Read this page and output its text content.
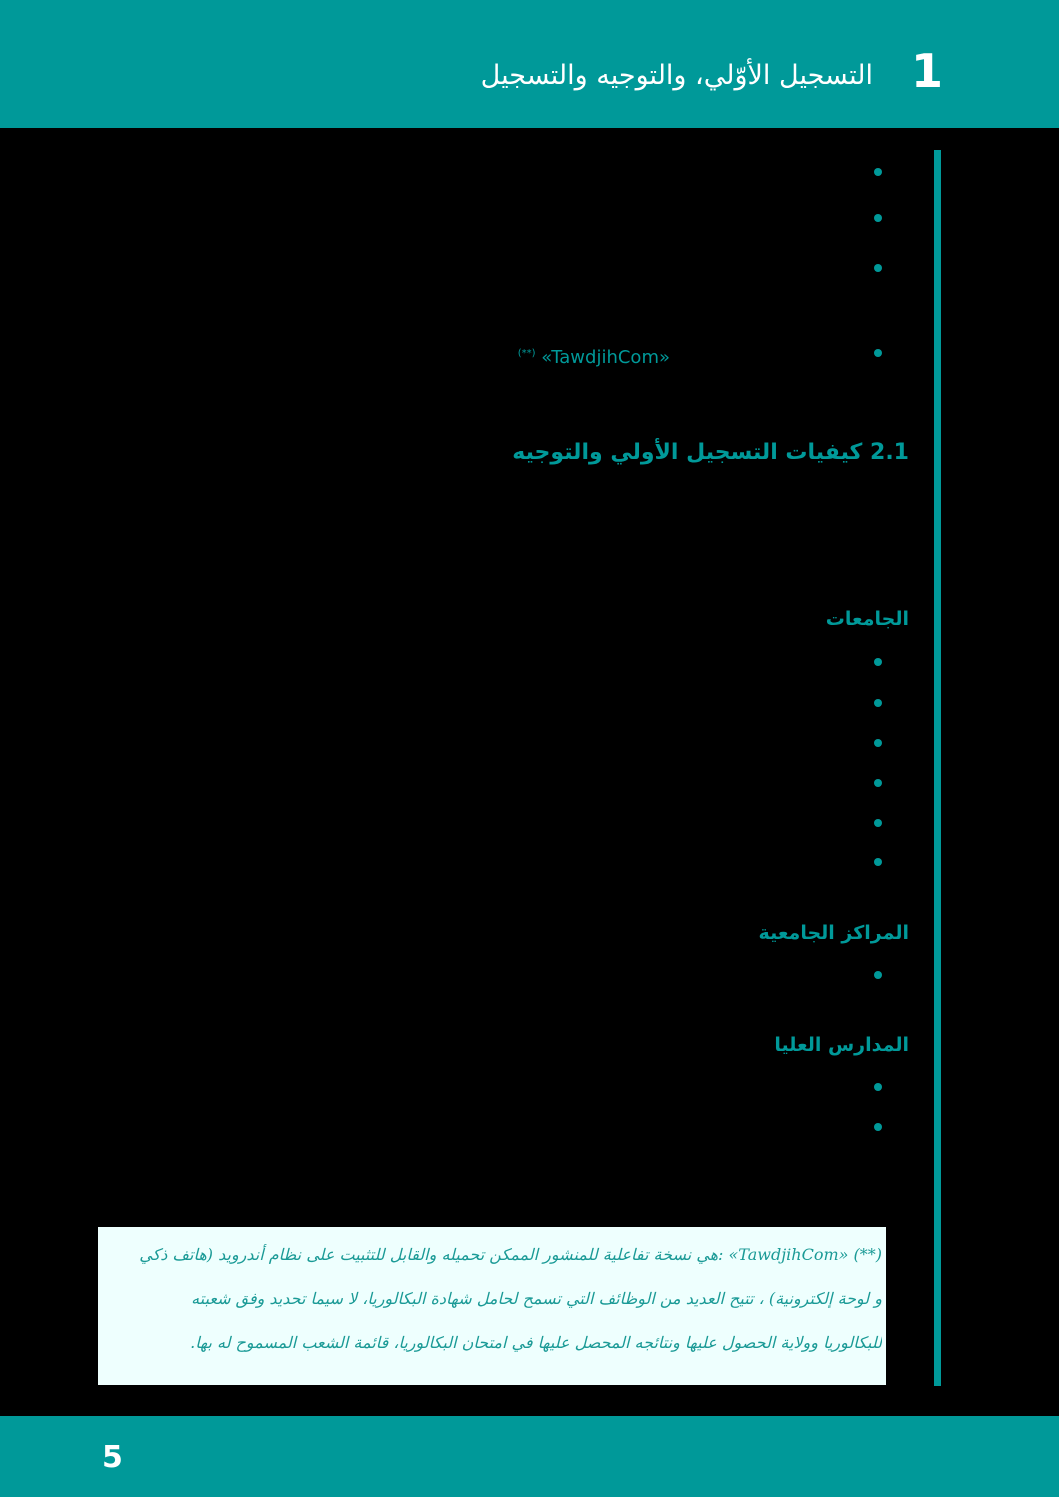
1
التسجيل الأوّلي، والتوجيه والتسجيل
(**) «TawdjihCom»
2.1 كيفيات التسجيل الأولي والتوجيه
الجامعات
المراكز الجامعية
المدارس العليا

(**) «TawdjihCom» :هي نسخة تفاعلية للمنشور الممكن تحميله والقابل للتثبيت على نظام أندرويد (هاتف ذكي

و لوحة إلكترونية) ، تتيح العديد من الوظائف التي تسمح لحامل شهادة البكالوريا، لا سيما تحديد وفق شعبته

للبكالوريا وولاية الحصول عليها ونتائجه المحصل عليها في امتحان البكالوريا، قائمة الشعب المسموح له بها.

5
